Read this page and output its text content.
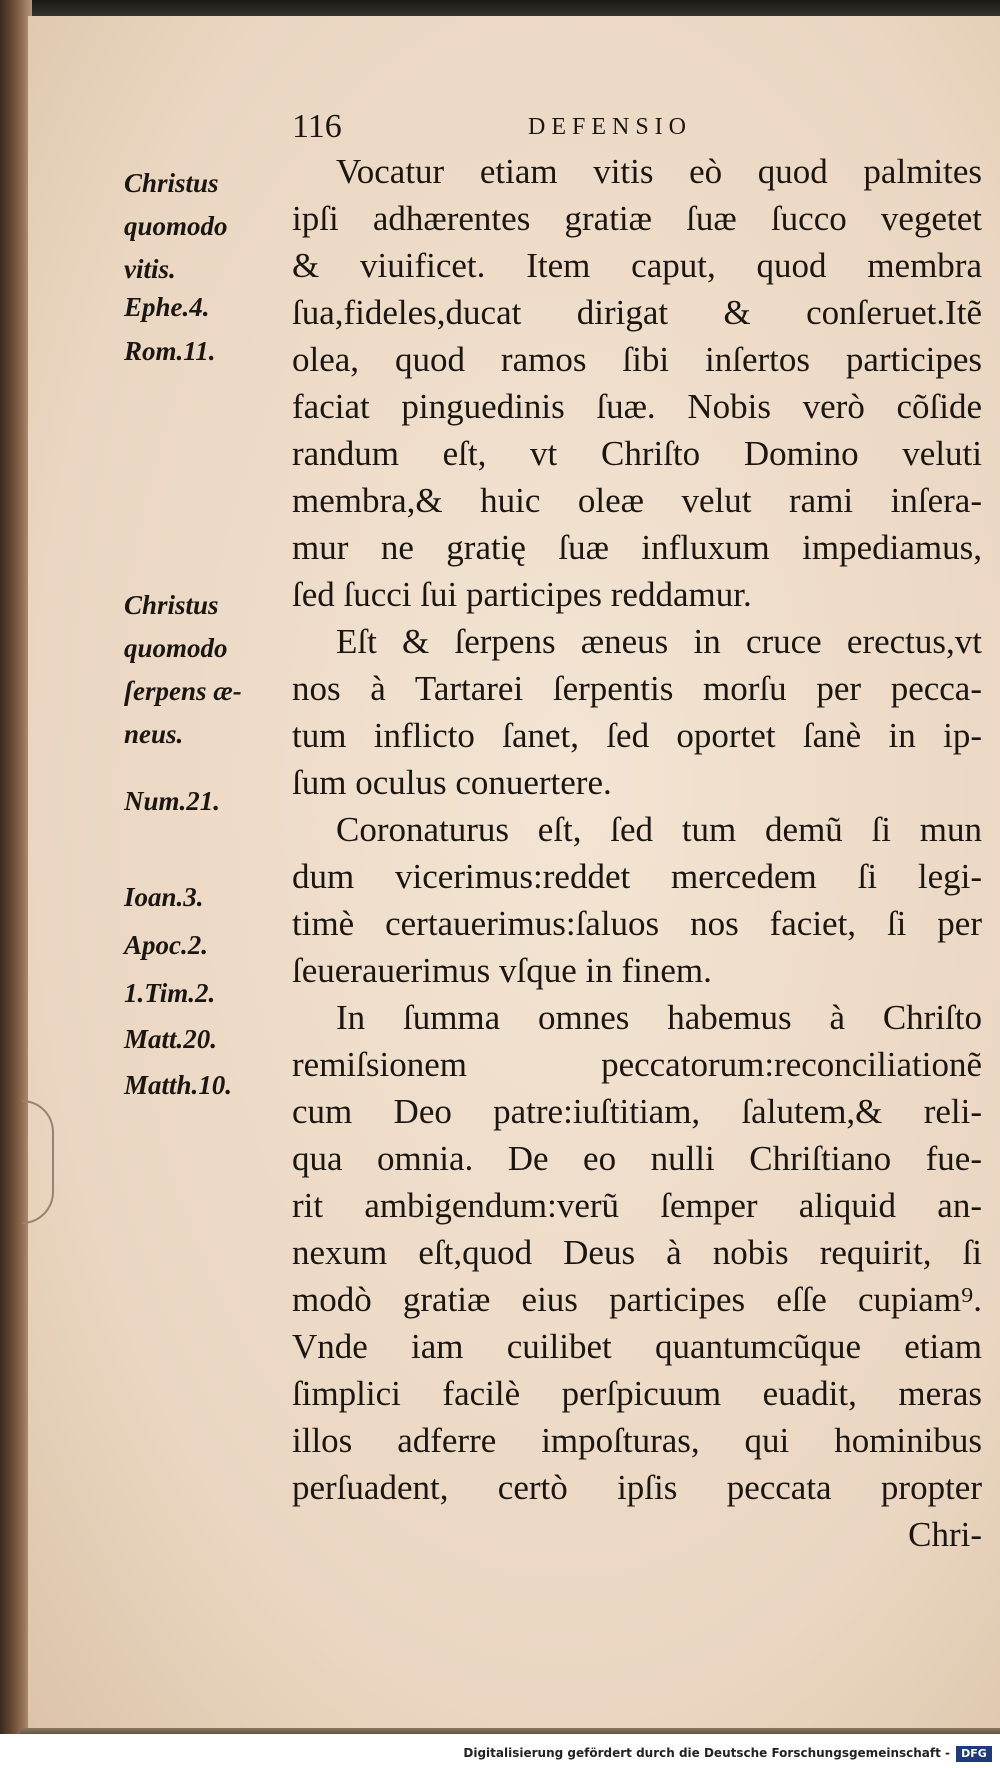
116	DEFENSIO
Christus
quomodo
vitis.
Ephe.4.
Rom.11.
Christus
quomodo
ſerpens æ-
neus.
Num.21.
Ioan.3.
Apoc.2.
1.Tim.2.
Matt.20.
Matth.10.
Vocatur etiam vitis eò quod palmites
ipſi adhærentes gratiæ ſuæ ſucco vegetet
& viuificet. Item caput, quod membra
ſua,fideles,ducat dirigat & conſeruet.Itẽ
olea, quod ramos ſibi inſertos participes
faciat pinguedinis ſuæ. Nobis verò cõſide
randum eſt, vt Chriſto Domino veluti
membra,& huic oleæ velut rami inſera-
mur ne gratię ſuæ influxum impediamus,
ſed ſucci ſui participes reddamur.
Eſt & ſerpens æneus in cruce erectus,vt
nos à Tartarei ſerpentis morſu per pecca-
tum inflicto ſanet, ſed oportet ſanè in ip-
ſum oculus conuertere.
Coronaturus eſt, ſed tum demũ ſi mun
dum vicerimus:reddet mercedem ſi legi-
timè certauerimus:ſaluos nos faciet, ſi per
ſeuerauerimus vſque in finem.
In ſumma omnes habemus à Chriſto
remiſsionem peccatorum:reconciliationẽ
cum Deo patre:iuſtitiam, ſalutem,& reli-
qua omnia. De eo nulli Chriſtiano fue-
rit ambigendum:verũ ſemper aliquid an-
nexum eſt,quod Deus à nobis requirit, ſi
modò gratiæ eius participes eſſe cupiam⁹.
Vnde iam cuilibet quantumcũque etiam
ſimplici facilè perſpicuum euadit, meras
illos adferre impoſturas, qui hominibus
perſuadent, certò ipſis peccata propter
Chri-
Digitalisierung gefördert durch die Deutsche Forschungsgemeinschaft -	DFG
